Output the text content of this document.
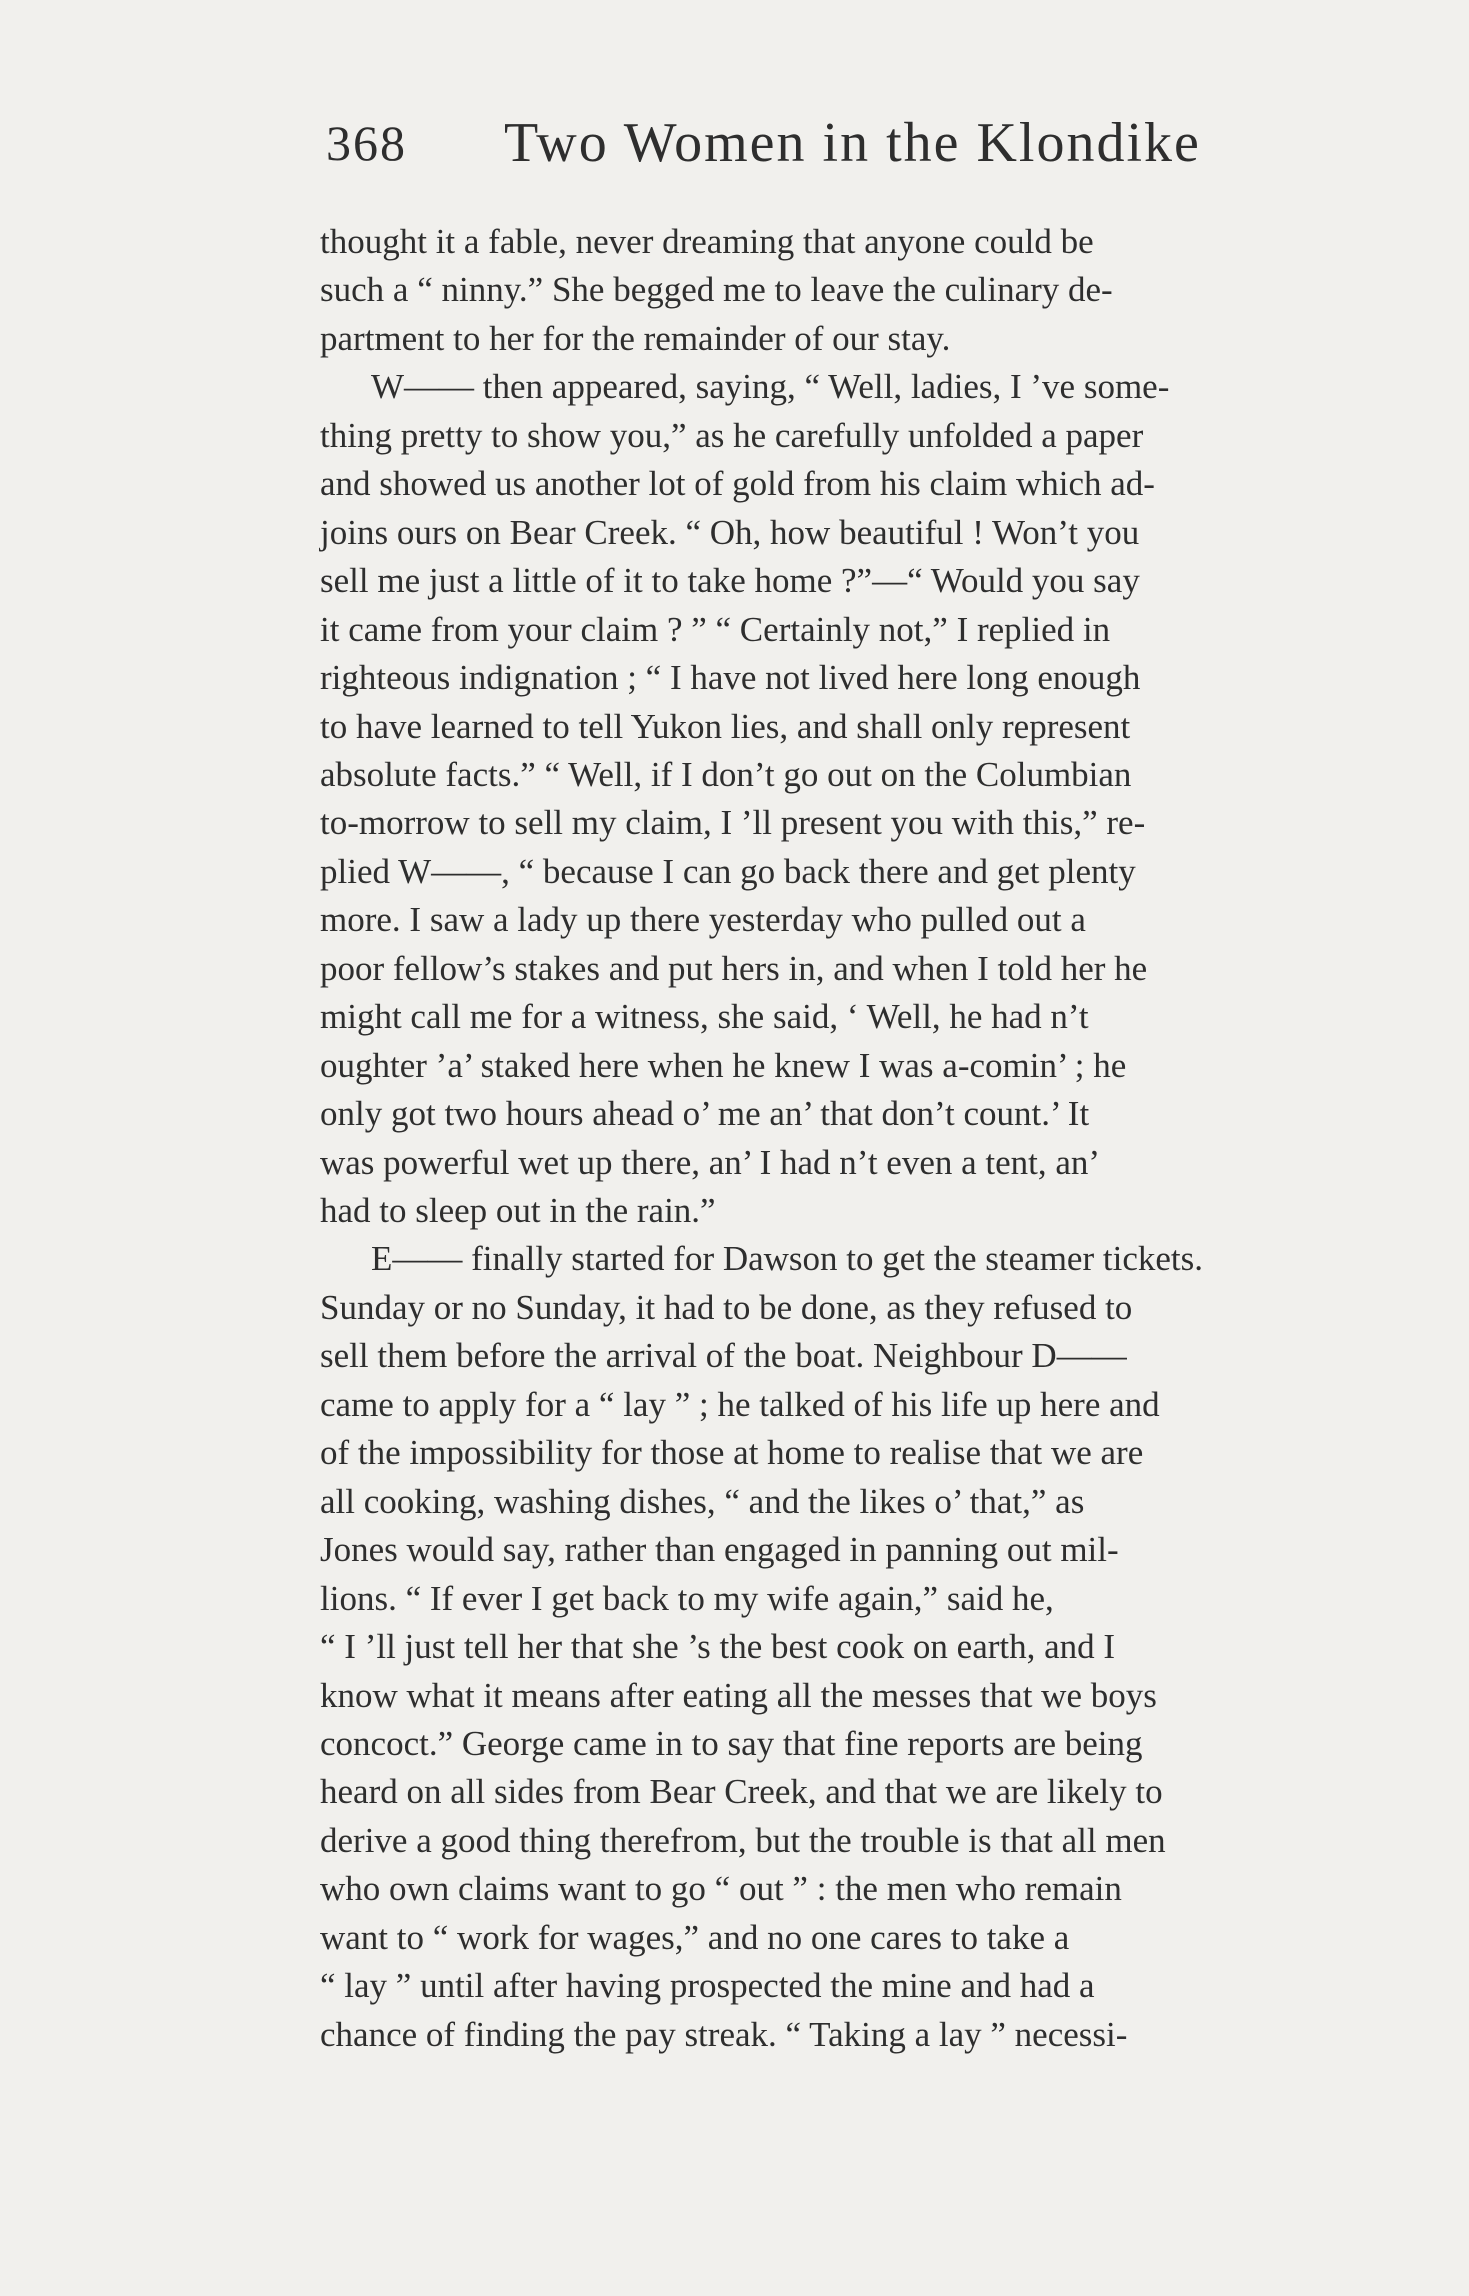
368 Two Women in the Klondike
thought it a fable, never dreaming that anyone could be
such a “ ninny.” She begged me to leave the culinary de-
partment to her for the remainder of our stay.
W—— then appeared, saying, “ Well, ladies, I ’ve some-
thing pretty to show you,” as he carefully unfolded a paper
and showed us another lot of gold from his claim which ad-
joins ours on Bear Creek. “ Oh, how beautiful ! Won’t you
sell me just a little of it to take home ?”—“ Would you say
it came from your claim ? ” “ Certainly not,” I replied in
righteous indignation ; “ I have not lived here long enough
to have learned to tell Yukon lies, and shall only represent
absolute facts.” “ Well, if I don’t go out on the Columbian
to-morrow to sell my claim, I ’ll present you with this,” re-
plied W——, “ because I can go back there and get plenty
more. I saw a lady up there yesterday who pulled out a
poor fellow’s stakes and put hers in, and when I told her he
might call me for a witness, she said, ‘ Well, he had n’t
oughter ’a’ staked here when he knew I was a-comin’ ; he
only got two hours ahead o’ me an’ that don’t count.’ It
was powerful wet up there, an’ I had n’t even a tent, an’
had to sleep out in the rain.”
E—— finally started for Dawson to get the steamer tickets.
Sunday or no Sunday, it had to be done, as they refused to
sell them before the arrival of the boat. Neighbour D——
came to apply for a “ lay ” ; he talked of his life up here and
of the impossibility for those at home to realise that we are
all cooking, washing dishes, “ and the likes o’ that,” as
Jones would say, rather than engaged in panning out mil-
lions. “ If ever I get back to my wife again,” said he,
“ I ’ll just tell her that she ’s the best cook on earth, and I
know what it means after eating all the messes that we boys
concoct.” George came in to say that fine reports are being
heard on all sides from Bear Creek, and that we are likely to
derive a good thing therefrom, but the trouble is that all men
who own claims want to go “ out ” : the men who remain
want to “ work for wages,” and no one cares to take a
“ lay ” until after having prospected the mine and had a
chance of finding the pay streak. “ Taking a lay ” necessi-
